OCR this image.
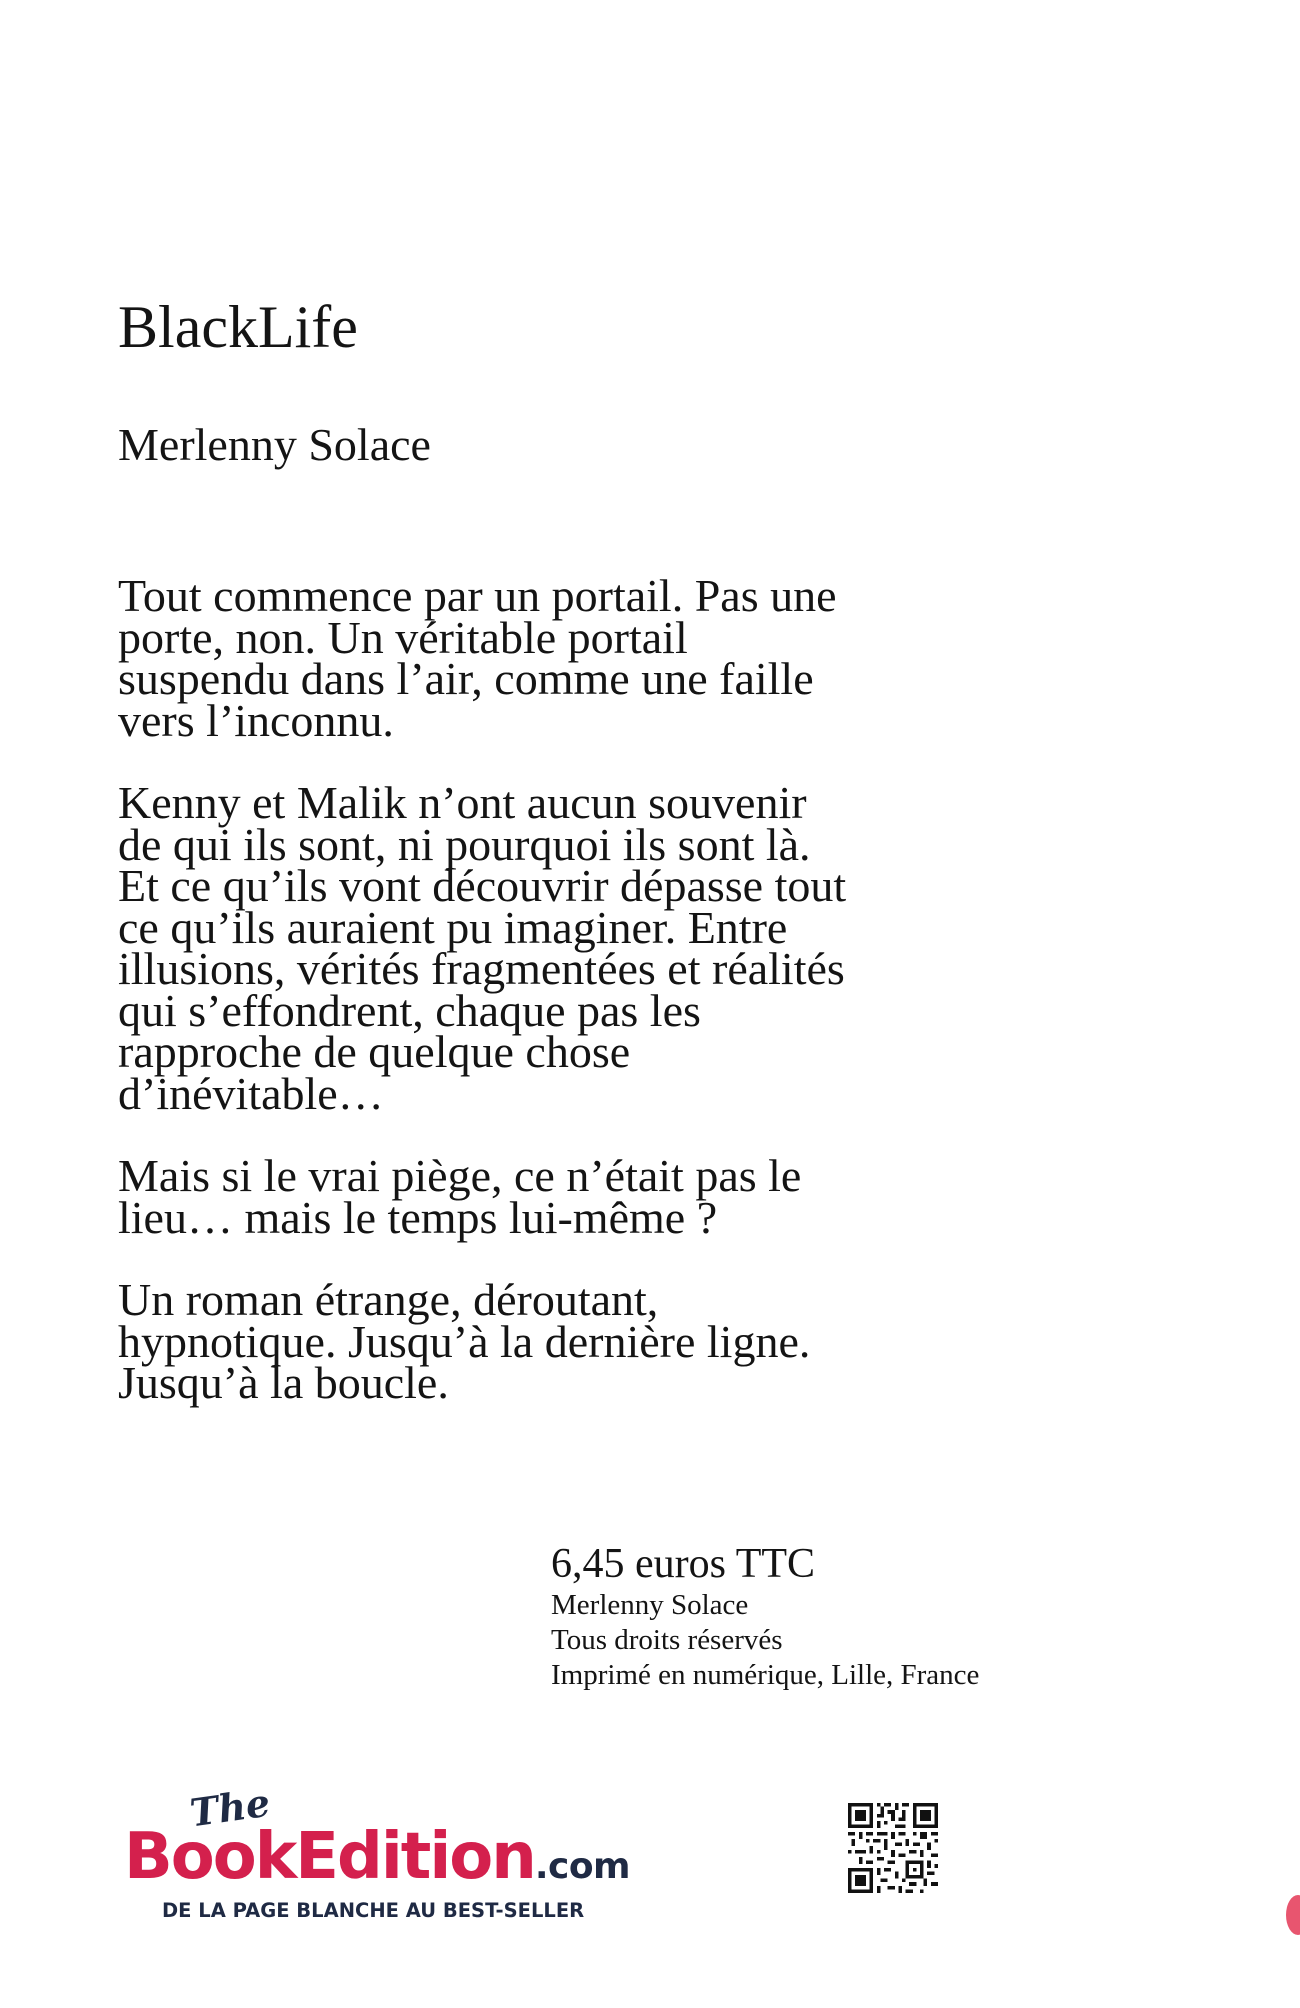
BlackLife
Merlenny Solace
Tout commence par un portail. Pas une
porte, non. Un véritable portail
suspendu dans l’air, comme une faille
vers l’inconnu.
Kenny et Malik n’ont aucun souvenir
de qui ils sont, ni pourquoi ils sont là.
Et ce qu’ils vont découvrir dépasse tout
ce qu’ils auraient pu imaginer. Entre
illusions, vérités fragmentées et réalités
qui s’effondrent, chaque pas les
rapproche de quelque chose
d’inévitable…
Mais si le vrai piège, ce n’était pas le
lieu… mais le temps lui-même ?
Un roman étrange, déroutant,
hypnotique. Jusqu’à la dernière ligne.
Jusqu’à la boucle.
6,45 euros TTC
Merlenny Solace
Tous droits réservés
Imprimé en numérique, Lille, France
The
BookEdition.com
DE LA PAGE BLANCHE AU BEST-SELLER
